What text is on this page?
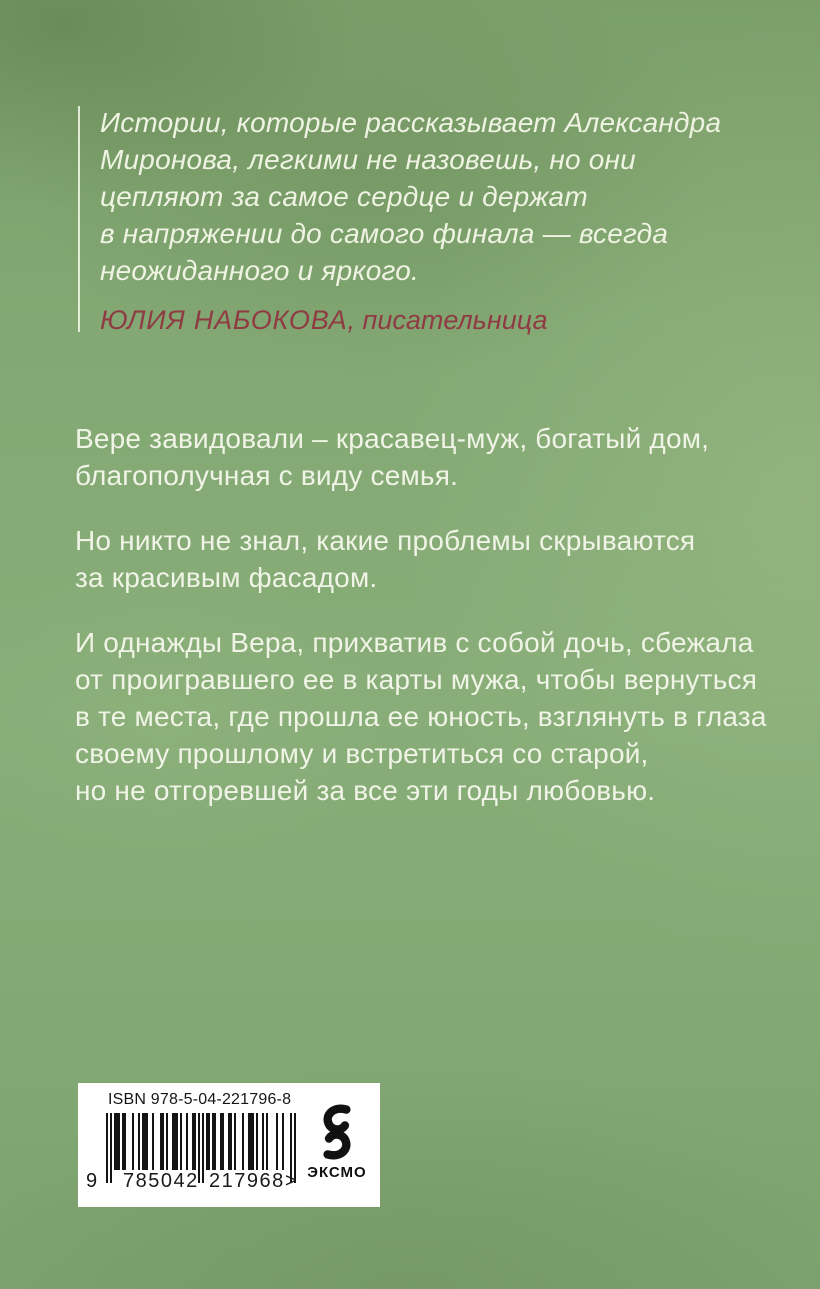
Истории, которые рассказывает Александра
Миронова, легкими не назовешь, но они
цепляют за самое сердце и держат
в напряжении до самого финала — всегда
неожиданного и яркого.
ЮЛИЯ НАБОКОВА, писательница
Вере завидовали – красавец-муж, богатый дом,
благополучная с виду семья.
Но никто не знал, какие проблемы скрываются
за красивым фасадом.
И однажды Вера, прихватив с собой дочь, сбежала
от проигравшего ее в карты мужа, чтобы вернуться
в те места, где прошла ее юность, взглянуть в глаза
своему прошлому и встретиться со старой,
но не отгоревшей за все эти годы любовью.
ISBN 978-5-04-221796-8
9 785042 217968 > ЭКСМО
